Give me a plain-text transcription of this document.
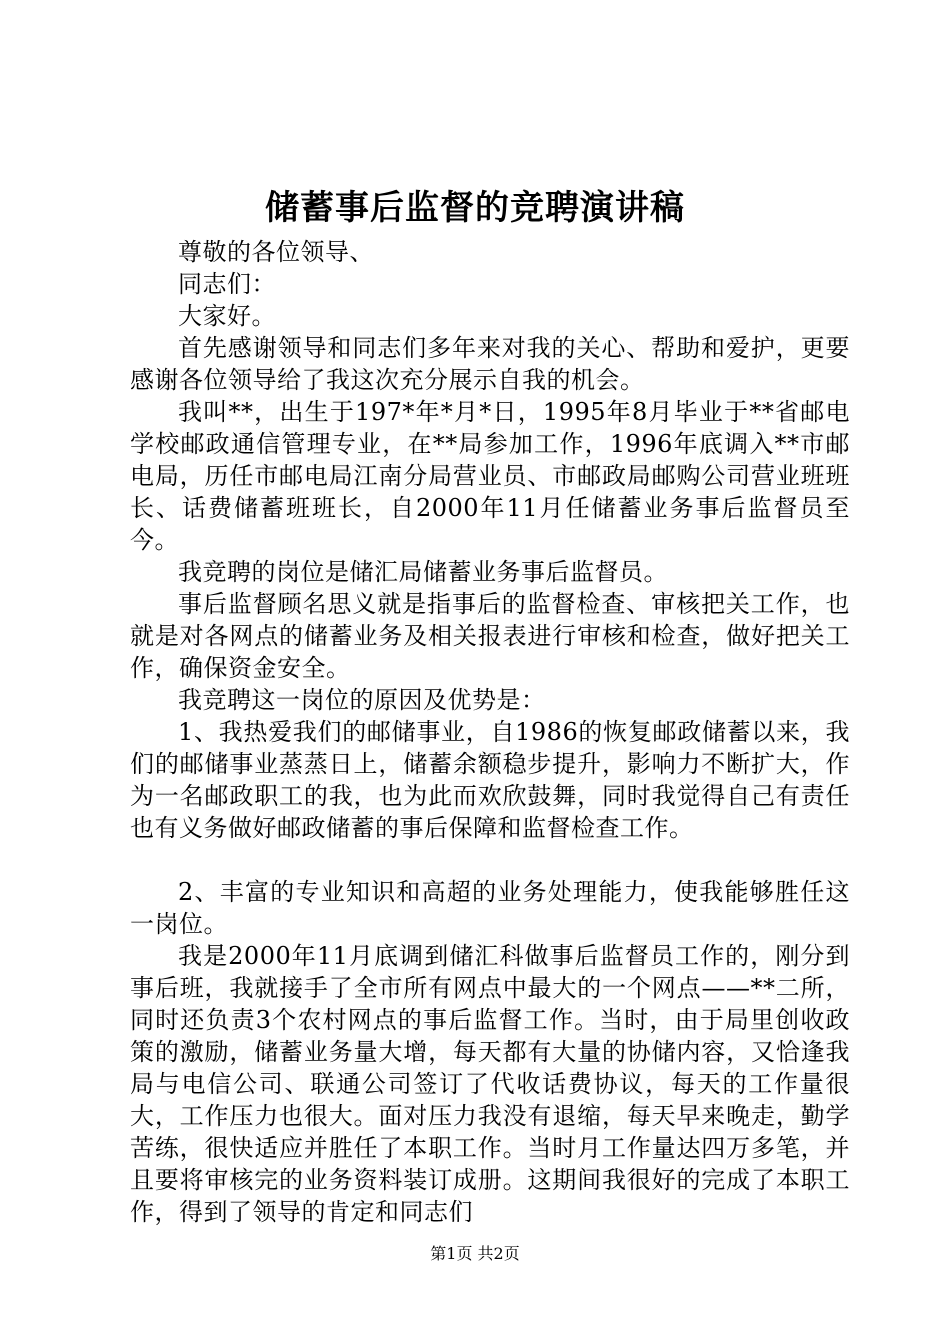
储蓄事后监督的竞聘演讲稿

尊敬的各位领导、

同志们：

大家好。

首先感谢领导和同志们多年来对我的关心、帮助和爱护，更要感谢各位领导给了我这次充分展示自我的机会。

我叫**，出生于197*年*月*日，1995年8月毕业于**省邮电学校邮政通信管理专业，在**局参加工作，1996年底调入**市邮电局，历任市邮电局江南分局营业员、市邮政局邮购公司营业班班长、话费储蓄班班长，自2000年11月任储蓄业务事后监督员至今。

我竞聘的岗位是储汇局储蓄业务事后监督员。

事后监督顾名思义就是指事后的监督检查、审核把关工作，也就是对各网点的储蓄业务及相关报表进行审核和检查，做好把关工作，确保资金安全。

我竞聘这一岗位的原因及优势是：

1、我热爱我们的邮储事业，自1986的恢复邮政储蓄以来，我们的邮储事业蒸蒸日上，储蓄余额稳步提升，影响力不断扩大，作为一名邮政职工的我，也为此而欢欣鼓舞，同时我觉得自己有责任也有义务做好邮政储蓄的事后保障和监督检查工作。

2、丰富的专业知识和高超的业务处理能力，使我能够胜任这一岗位。

我是2000年11月底调到储汇科做事后监督员工作的，刚分到事后班，我就接手了全市所有网点中最大的一个网点——**二所，同时还负责3个农村网点的事后监督工作。当时，由于局里创收政策的激励，储蓄业务量大增，每天都有大量的协储内容，又恰逢我局与电信公司、联通公司签订了代收话费协议，每天的工作量很大，工作压力也很大。面对压力我没有退缩，每天早来晚走，勤学苦练，很快适应并胜任了本职工作。当时月工作量达四万多笔，并且要将审核完的业务资料装订成册。这期间我很好的完成了本职工作，得到了领导的肯定和同志们

第1页 共2页
